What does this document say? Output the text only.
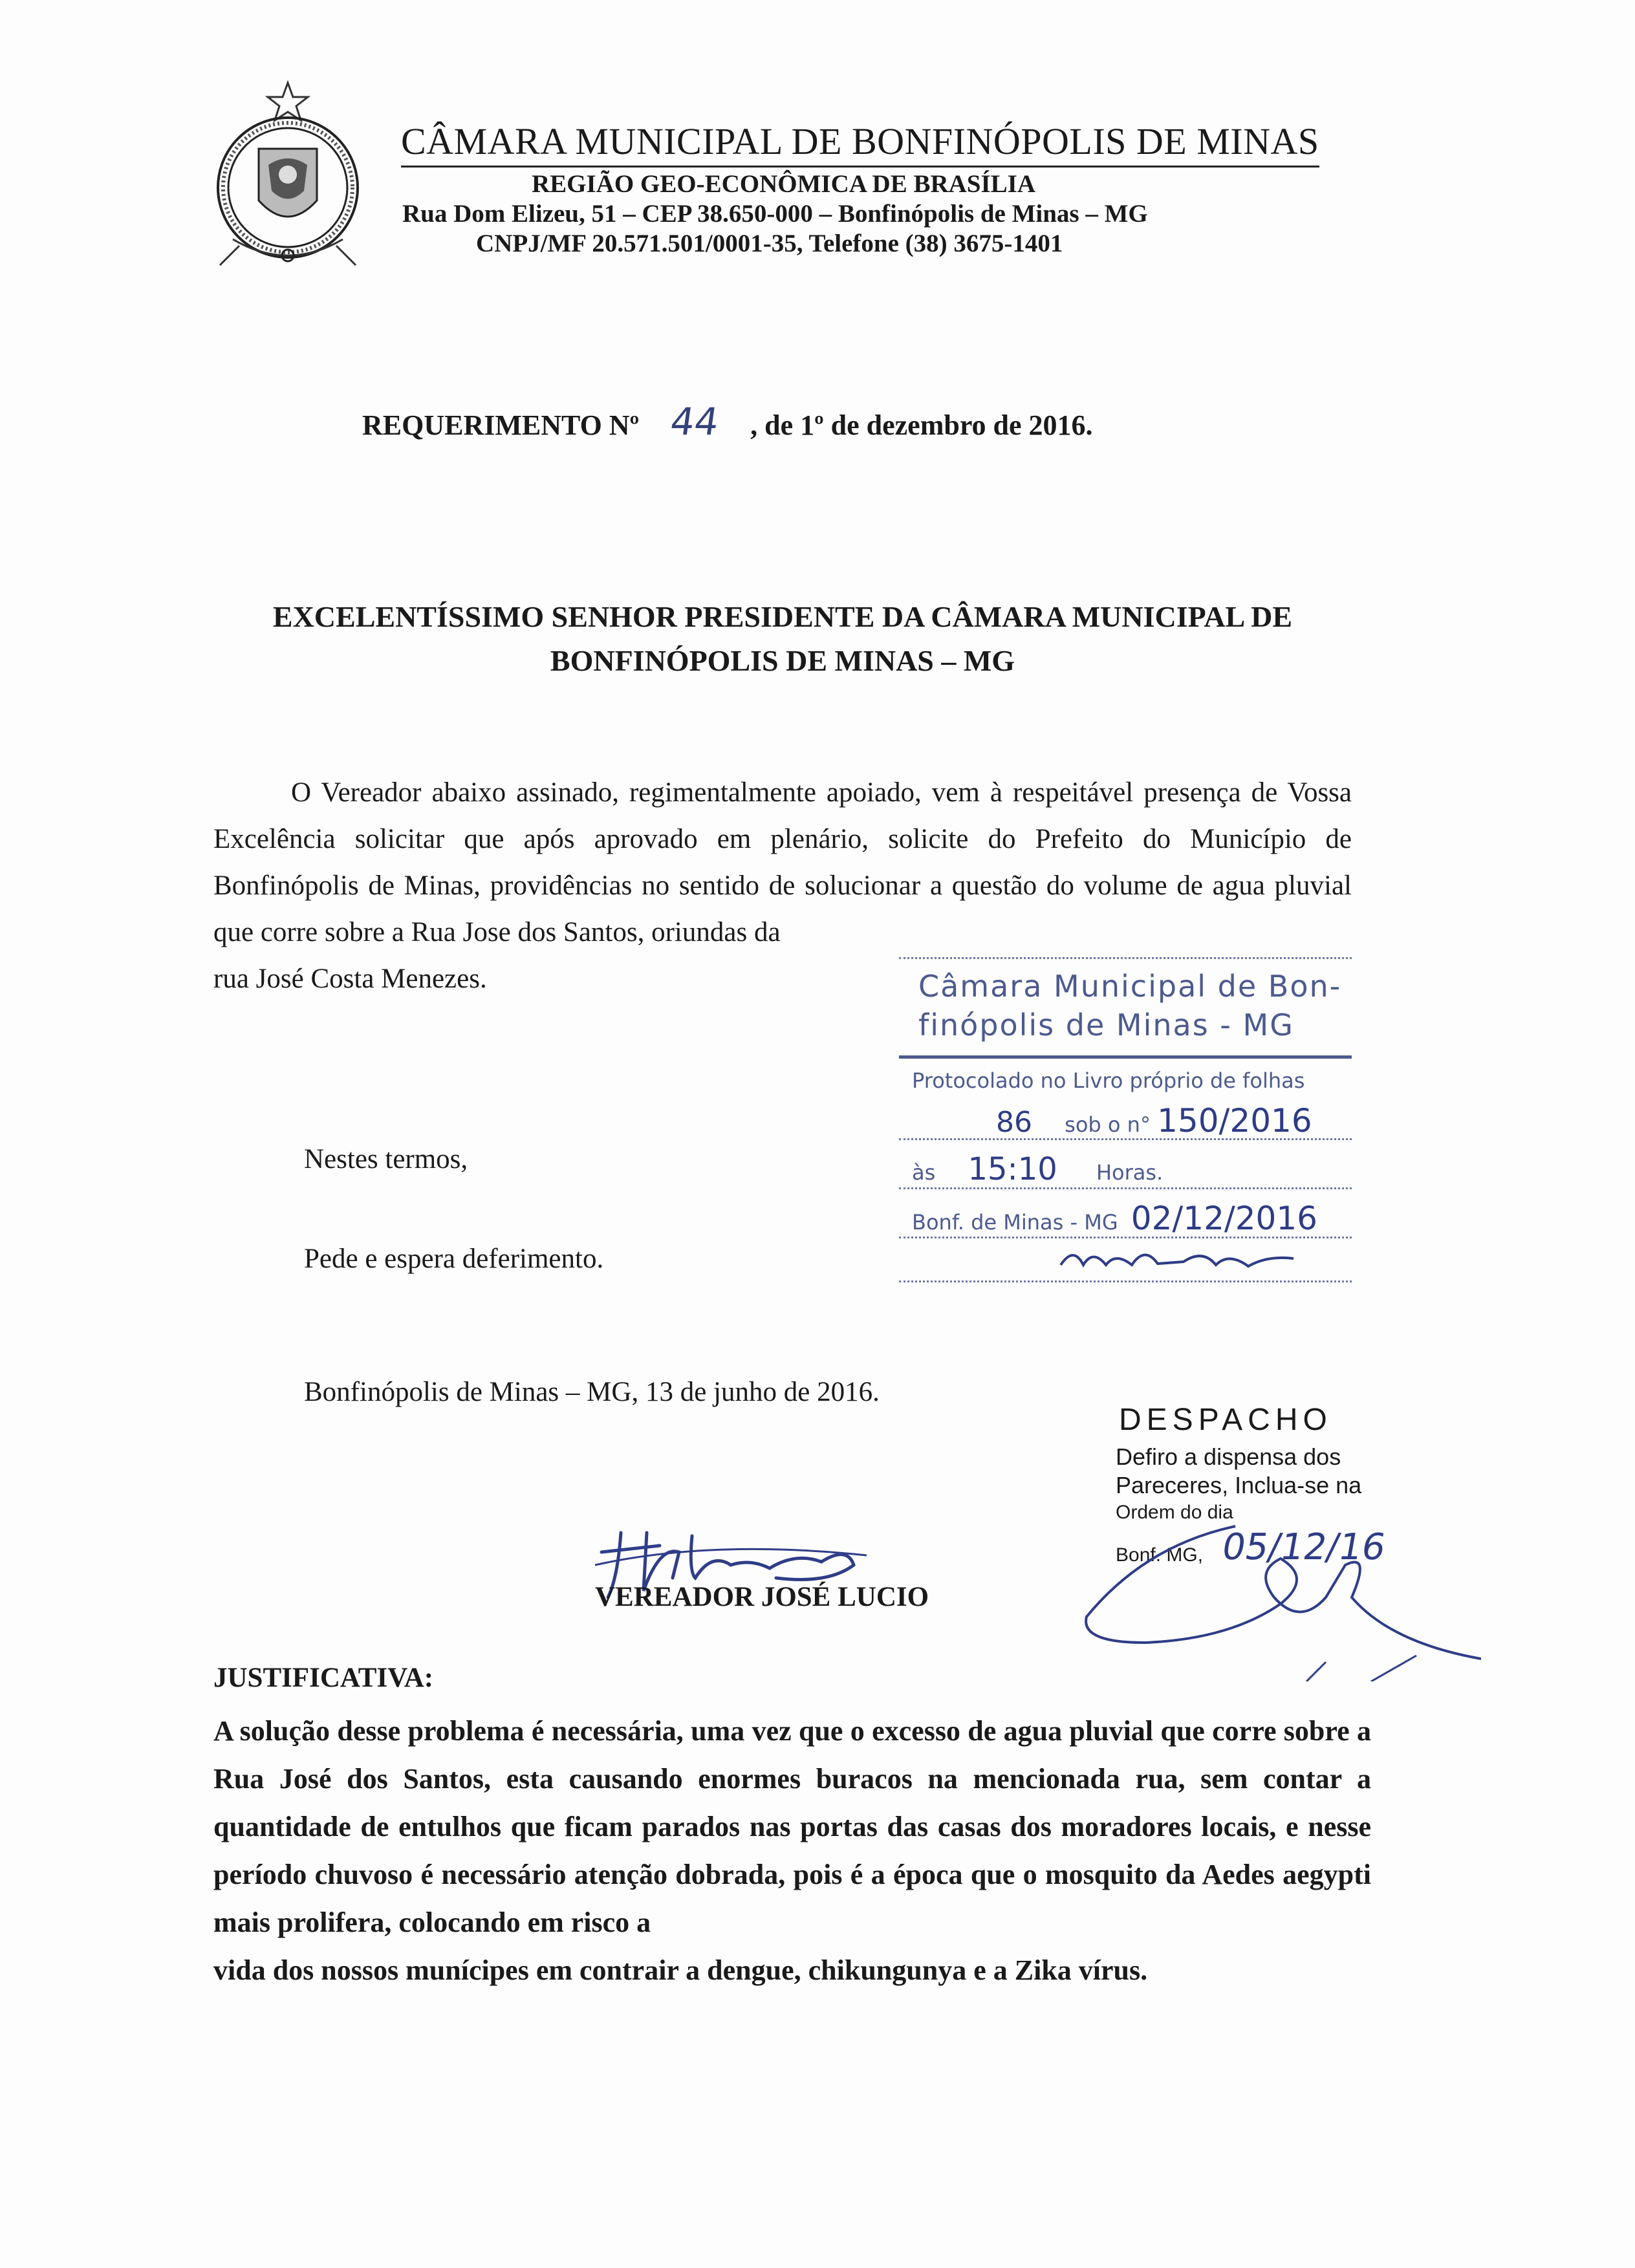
CÂMARA MUNICIPAL DE BONFINÓPOLIS DE MINAS
REGIÃO GEO-ECONÔMICA DE BRASÍLIA
Rua Dom Elizeu, 51 – CEP 38.650-000 – Bonfinópolis de Minas – MG
CNPJ/MF 20.571.501/0001-35, Telefone (38) 3675-1401
REQUERIMENTO Nº 44 , de 1º de dezembro de 2016.
EXCELENTÍSSIMO SENHOR PRESIDENTE DA CÂMARA MUNICIPAL DE
BONFINÓPOLIS DE MINAS – MG
O Vereador abaixo assinado, regimentalmente apoiado, vem à respeitável presença de Vossa Excelência solicitar que após aprovado em plenário, solicite do Prefeito do Município de Bonfinópolis de Minas, providências no sentido de solucionar a questão do volume de agua pluvial que corre sobre a Rua Jose dos Santos, oriundas da
rua José Costa Menezes.
Nestes termos,
Pede e espera deferimento.
Bonfinópolis de Minas – MG, 13 de junho de 2016.
VEREADOR JOSÉ LUCIO
JUSTIFICATIVA:
A solução desse problema é necessária, uma vez que o excesso de agua pluvial que corre sobre a Rua José dos Santos, esta causando enormes buracos na mencionada rua, sem contar a quantidade de entulhos que ficam parados nas portas das casas dos moradores locais, e nesse período chuvoso é necessário atenção dobrada, pois é a época que o mosquito da Aedes aegypti mais prolifera, colocando em risco a
vida dos nossos munícipes em contrair a dengue, chikungunya e a Zika vírus.
Câmara Municipal de Bon-
finópolis de Minas - MG
Protocolado no Livro próprio de folhas
86 sob o n° 150/2016
às 15:10 Horas.
Bonf. de Minas - MG 02/12/2016
DESPACHO
Defiro a dispensa dos
Pareceres, Inclua-se na
Ordem do dia
Bonf. MG, 05/12/16
